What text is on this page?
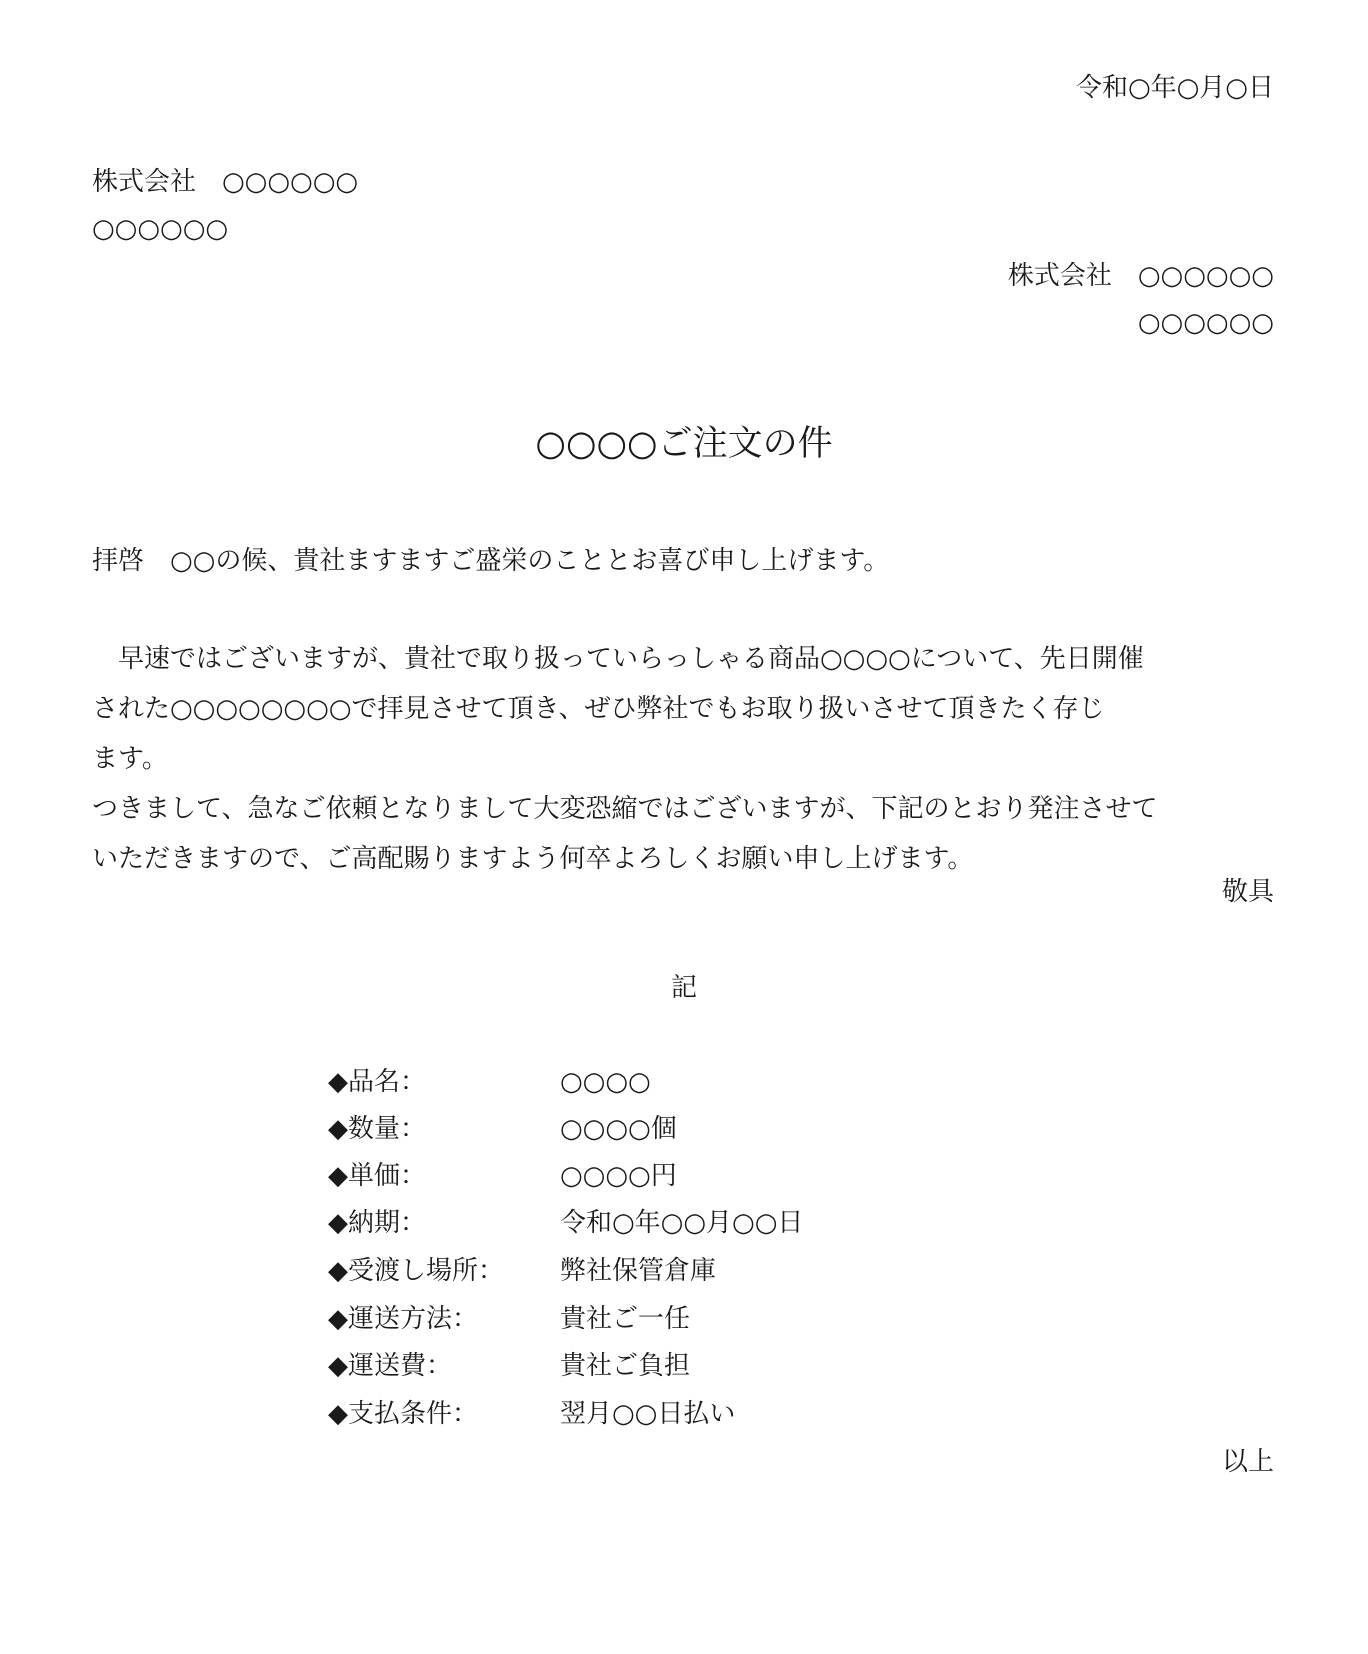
令和○年○月○日
株式会社　○○○○○○
○○○○○○
株式会社　○○○○○○
○○○○○○
○○○○ご注文の件
拝啓　○○の候、貴社ますますご盛栄のこととお喜び申し上げます。
　早速ではございますが、貴社で取り扱っていらっしゃる商品○○○○について、先日開催
された○○○○○○○○で拝見させて頂き、ぜひ弊社でもお取り扱いさせて頂きたく存じ
ます。
つきまして、急なご依頼となりまして大変恐縮ではございますが、下記のとおり発注させて
いただきますので、ご高配賜りますよう何卒よろしくお願い申し上げます。
敬具
記
◆品名：	○○○○
◆数量：	○○○○個
◆単価：	○○○○円
◆納期：	令和○年○○月○○日
◆受渡し場所： 弊社保管倉庫
◆運送方法：	貴社ご一任
◆運送費：	貴社ご負担
◆支払条件：	翌月○○日払い
以上
